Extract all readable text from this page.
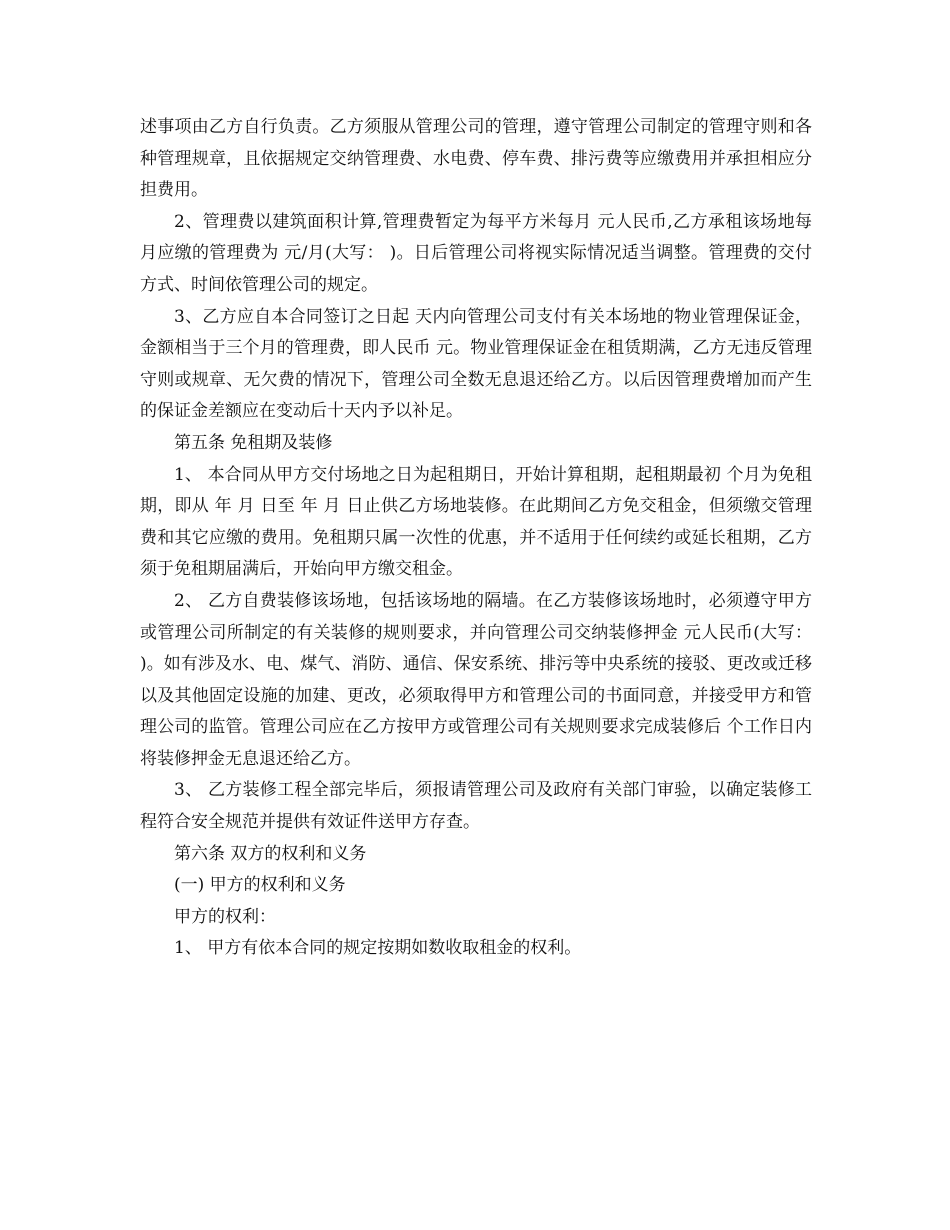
述事项由乙方自行负责。乙方须服从管理公司的管理，遵守管理公司制定的管理守则和各种管理规章，且依据规定交纳管理费、水电费、停车费、排污费等应缴费用并承担相应分担费用。

2、管理费以建筑面积计算,管理费暂定为每平方米每月 元人民币,乙方承租该场地每月应缴的管理费为 元/月(大写： )。日后管理公司将视实际情况适当调整。管理费的交付方式、时间依管理公司的规定。

3、乙方应自本合同签订之日起 天内向管理公司支付有关本场地的物业管理保证金，金额相当于三个月的管理费，即人民币 元。物业管理保证金在租赁期满，乙方无违反管理守则或规章、无欠费的情况下，管理公司全数无息退还给乙方。以后因管理费增加而产生的保证金差额应在变动后十天内予以补足。

第五条 免租期及装修

1、 本合同从甲方交付场地之日为起租期日，开始计算租期，起租期最初 个月为免租期，即从 年 月 日至 年 月 日止供乙方场地装修。在此期间乙方免交租金，但须缴交管理费和其它应缴的费用。免租期只属一次性的优惠，并不适用于任何续约或延长租期，乙方须于免租期届满后，开始向甲方缴交租金。

2、 乙方自费装修该场地，包括该场地的隔墙。在乙方装修该场地时，必须遵守甲方或管理公司所制定的有关装修的规则要求，并向管理公司交纳装修押金 元人民币(大写： )。如有涉及水、电、煤气、消防、通信、保安系统、排污等中央系统的接驳、更改或迁移以及其他固定设施的加建、更改，必须取得甲方和管理公司的书面同意，并接受甲方和管理公司的监管。管理公司应在乙方按甲方或管理公司有关规则要求完成装修后 个工作日内将装修押金无息退还给乙方。

3、 乙方装修工程全部完毕后，须报请管理公司及政府有关部门审验，以确定装修工程符合安全规范并提供有效证件送甲方存查。

第六条 双方的权利和义务

(一) 甲方的权利和义务

甲方的权利：

1、 甲方有依本合同的规定按期如数收取租金的权利。
